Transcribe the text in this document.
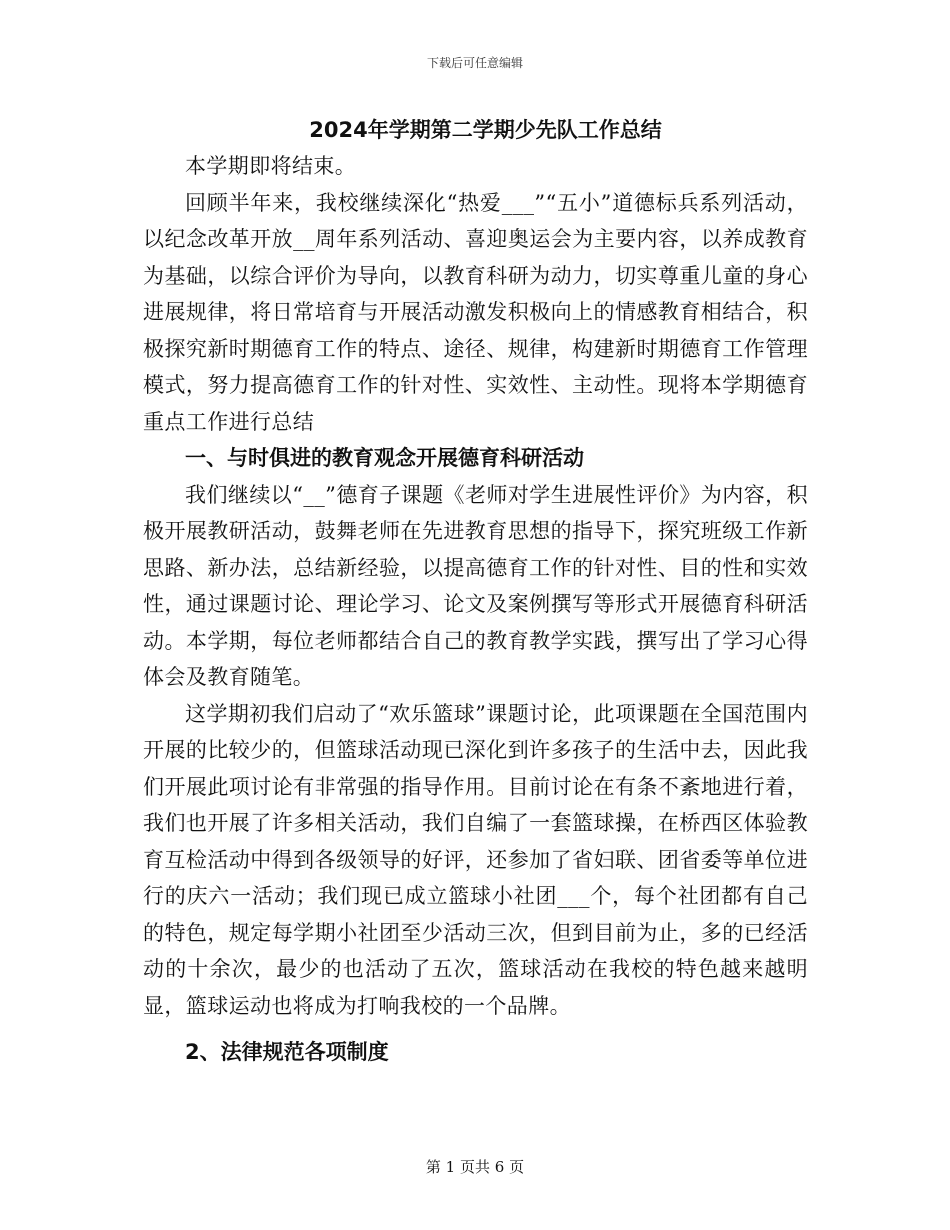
下载后可任意编辑
2024年学期第二学期少先队工作总结

本学期即将结束。

回顾半年来，我校继续深化“热爱___”“五小”道德标兵系列活动，以纪念改革开放__周年系列活动、喜迎奥运会为主要内容，以养成教育为基础，以综合评价为导向，以教育科研为动力，切实尊重儿童的身心进展规律，将日常培育与开展活动激发积极向上的情感教育相结合，积极探究新时期德育工作的特点、途径、规律，构建新时期德育工作管理模式，努力提高德育工作的针对性、实效性、主动性。现将本学期德育重点工作进行总结

一、与时俱进的教育观念开展德育科研活动

我们继续以“__”德育子课题《老师对学生进展性评价》为内容，积极开展教研活动，鼓舞老师在先进教育思想的指导下，探究班级工作新思路、新办法，总结新经验，以提高德育工作的针对性、目的性和实效性，通过课题讨论、理论学习、论文及案例撰写等形式开展德育科研活动。本学期，每位老师都结合自己的教育教学实践，撰写出了学习心得体会及教育随笔。

这学期初我们启动了“欢乐篮球”课题讨论，此项课题在全国范围内开展的比较少的，但篮球活动现已深化到许多孩子的生活中去，因此我们开展此项讨论有非常强的指导作用。目前讨论在有条不紊地进行着，我们也开展了许多相关活动，我们自编了一套篮球操，在桥西区体验教育互检活动中得到各级领导的好评，还参加了省妇联、团省委等单位进行的庆六一活动；我们现已成立篮球小社团___个，每个社团都有自己的特色，规定每学期小社团至少活动三次，但到目前为止，多的已经活动的十余次，最少的也活动了五次，篮球活动在我校的特色越来越明显，篮球运动也将成为打响我校的一个品牌。

2、法律规范各项制度

第 1 页共 6 页
